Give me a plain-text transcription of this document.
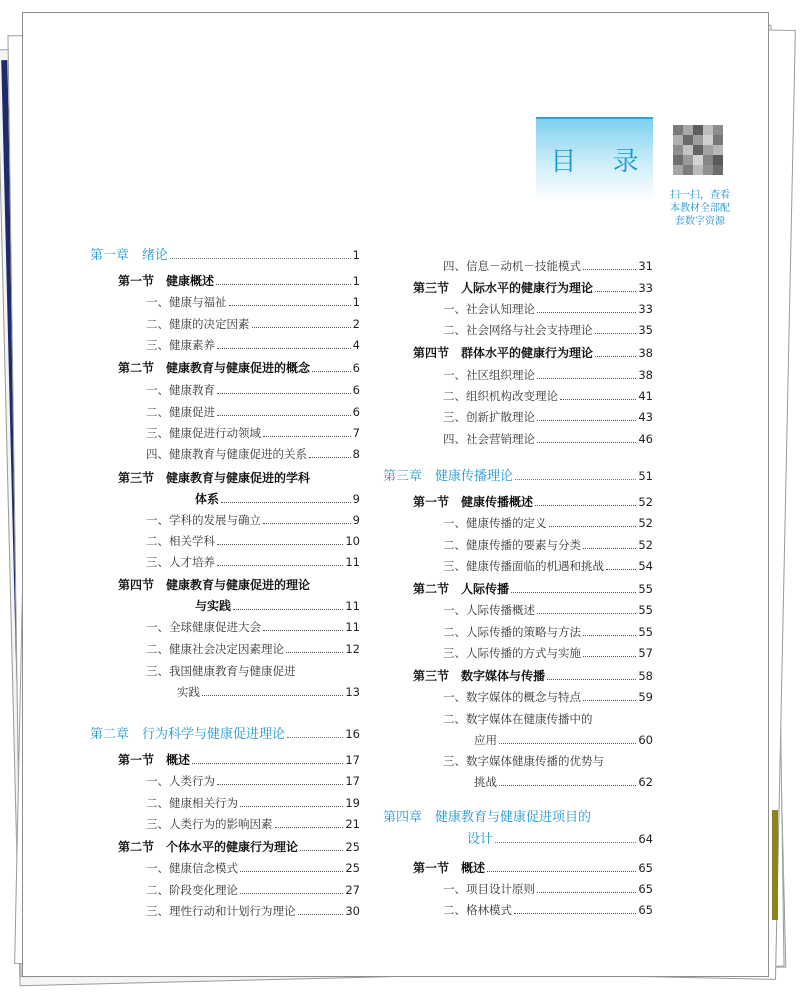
目 录
扫一扫，查看本教材全部配套数字资源
第一章　绪论	1
第一节　健康概述	1
一、健康与福祉	1
二、健康的决定因素	2
三、健康素养	4
第二节　健康教育与健康促进的概念	6
一、健康教育	6
二、健康促进	6
三、健康促进行动领域	7
四、健康教育与健康促进的关系	8
第三节　健康教育与健康促进的学科
体系	9
一、学科的发展与确立	9
二、相关学科	10
三、人才培养	11
第四节　健康教育与健康促进的理论
与实践	11
一、全球健康促进大会	11
二、健康社会决定因素理论	12
三、我国健康教育与健康促进
实践	13
第二章　行为科学与健康促进理论	16
第一节　概述	17
一、人类行为	17
二、健康相关行为	19
三、人类行为的影响因素	21
第二节　个体水平的健康行为理论	25
一、健康信念模式	25
二、阶段变化理论	27
三、理性行动和计划行为理论	30
四、信息－动机－技能模式	31
第三节　人际水平的健康行为理论	33
一、社会认知理论	33
二、社会网络与社会支持理论	35
第四节　群体水平的健康行为理论	38
一、社区组织理论	38
二、组织机构改变理论	41
三、创新扩散理论	43
四、社会营销理论	46
第三章　健康传播理论	51
第一节　健康传播概述	52
一、健康传播的定义	52
二、健康传播的要素与分类	52
三、健康传播面临的机遇和挑战	54
第二节　人际传播	55
一、人际传播概述	55
二、人际传播的策略与方法	55
三、人际传播的方式与实施	57
第三节　数字媒体与传播	58
一、数字媒体的概念与特点	59
二、数字媒体在健康传播中的
应用	60
三、数字媒体健康传播的优势与
挑战	62
第四章　健康教育与健康促进项目的
设计	64
第一节　概述	65
一、项目设计原则	65
二、格林模式	65
